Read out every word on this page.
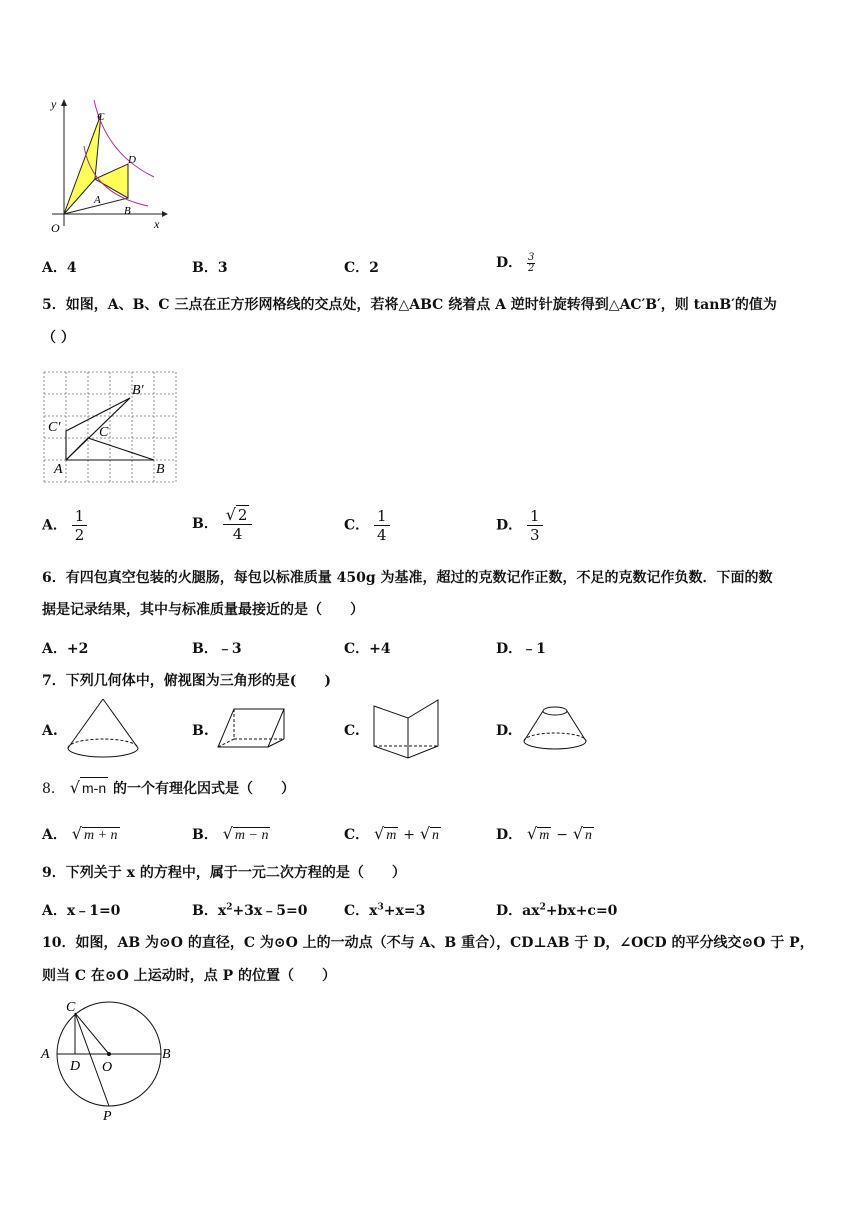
y
x
O
A
B
C
D
A．4	B．3	C．2	D． $\frac{3}{2}$
5．如图，A、B、C 三点在正方形网格线的交点处，若将△ABC 绕着点 A 逆时针旋转得到△AC′B′，则 tanB′的值为
（ ）
A	B
C
C′
B′
A． $\frac{1}{2}$	B． $\frac{√ 2}{4}$	C． $\frac{1}{4}$	D． $\frac{1}{3}$
6．有四包真空包装的火腿肠，每包以标准质量 450g 为基准，超过的克数记作正数，不足的克数记作负数．下面的数
据是记录结果，其中与标准质量最接近的是（　　）
A．+2	B．﹣3	C．+4	D．﹣1
7．下列几何体中，俯视图为三角形的是(　　)
A.	B.	C.	D.
8． √ m-n 的一个有理化因式是（　　）
A． √ m + n	B． √ m − n	C． √ m + √ n	D． √ m − √ n
9．下列关于 x 的方程中，属于一元二次方程的是（　　）
A．x﹣1=0	B．$x^2+3x﹣5=0$	C．$x^3+x=3$	D．$ax^2+bx+c=0$
10．如图，AB 为⊙O 的直径，C 为⊙O 上的一动点（不与 A、B 重合），CD⊥AB 于 D，∠OCD 的平分线交⊙O 于 P，
则当 C 在⊙O 上运动时，点 P 的位置（　　）
A	B
C
D O
P
